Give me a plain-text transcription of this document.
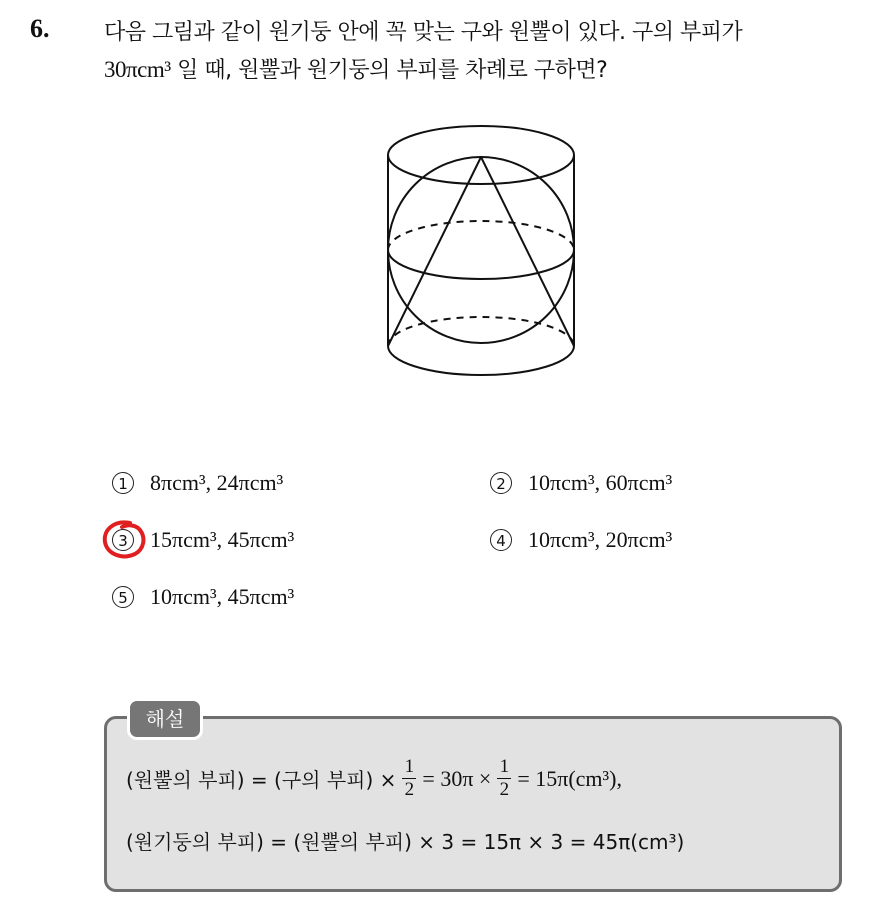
6. 다음 그림과 같이 원기둥 안에 꼭 맞는 구와 원뿔이 있다. 구의 부피가
30πcm³ 일 때, 원뿔과 원기둥의 부피를 차례로 구하면?
1 8πcm³, 24πcm³	2 10πcm³, 60πcm³
3 15πcm³, 45πcm³	4 10πcm³, 20πcm³
5 10πcm³, 45πcm³
해설
(원뿔의 부피) = (구의 부피) × $\frac{1}{2} = 30\pi \times \frac{1}{2} = 15\pi(cm^3)$,
(원기둥의 부피) = (원뿔의 부피) × 3 = 15π × 3 = 45π(cm³)
